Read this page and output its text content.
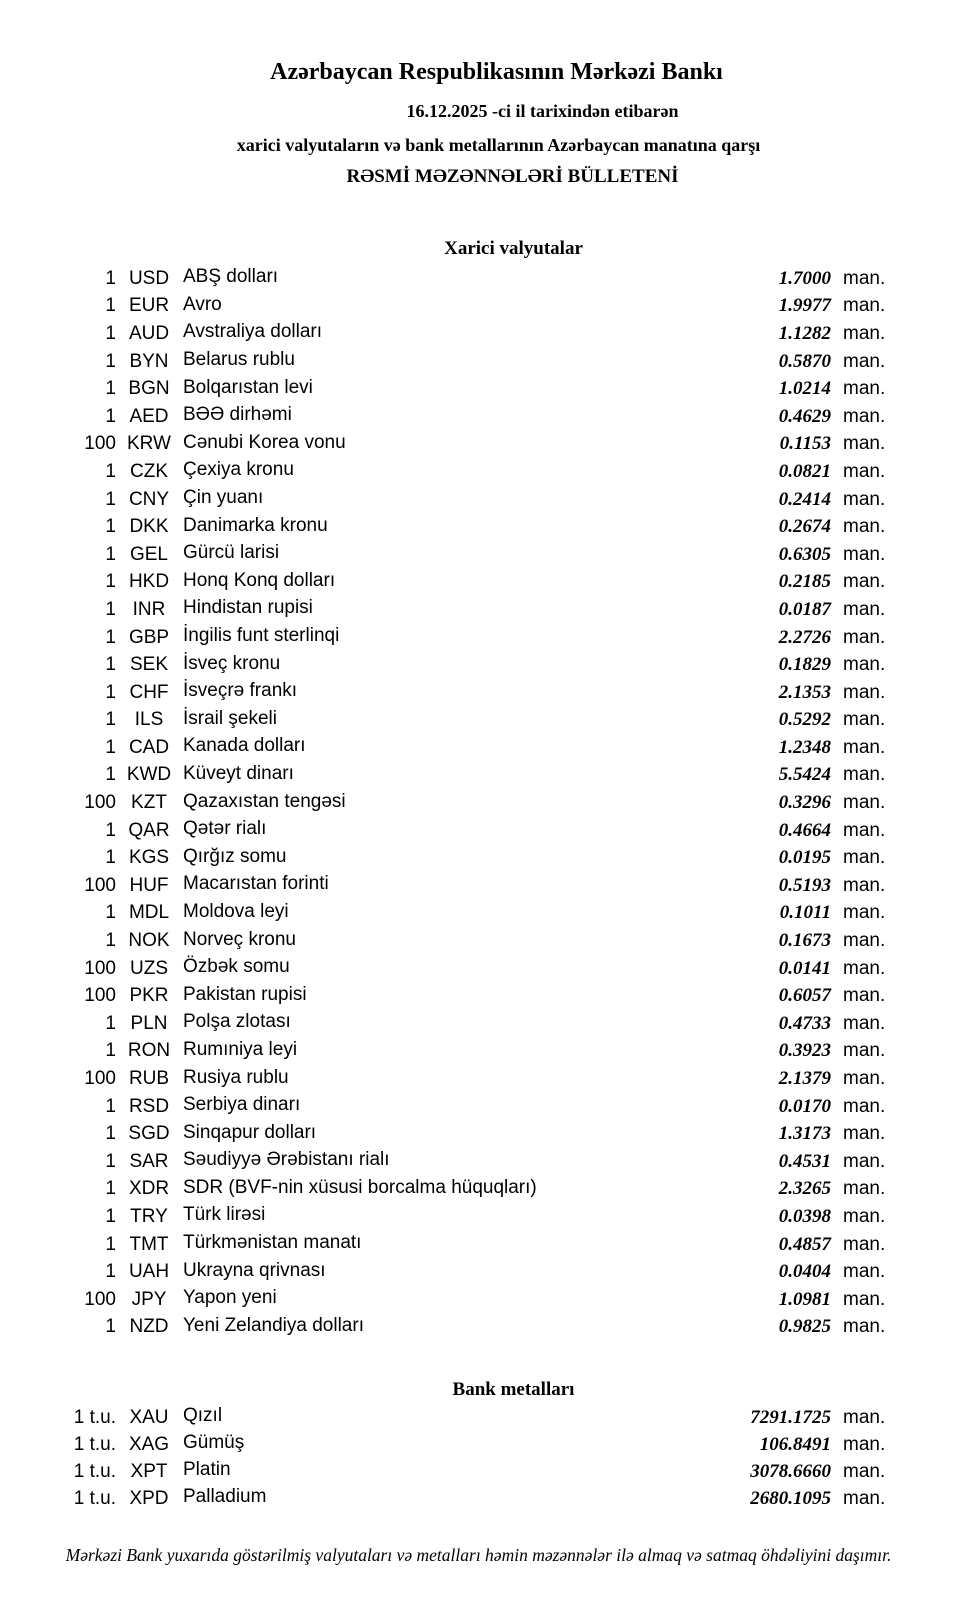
Azərbaycan Respublikasının Mərkəzi Bankı
16.12.2025 -ci il tarixindən etibarən
xarici valyutaların və bank metallarının Azərbaycan manatına qarşı
RƏSMİ MƏZƏNNƏLƏRİ BÜLLETENİ
Xarici valyutalar
1 USD ABŞ dolları	1.7000 man.
1 EUR Avro	1.9977 man.
1 AUD Avstraliya dolları	1.1282 man.
1 BYN Belarus rublu	0.5870 man.
1 BGN Bolqarıstan levi	1.0214 man.
1 AED BƏƏ dirhəmi	0.4629 man.
100 KRW Cənubi Korea vonu	0.1153 man.
1 CZK Çexiya kronu	0.0821 man.
1 CNY Çin yuanı	0.2414 man.
1 DKK Danimarka kronu	0.2674 man.
1 GEL Gürcü larisi	0.6305 man.
1 HKD Honq Konq dolları	0.2185 man.
1 INR Hindistan rupisi	0.0187 man.
1 GBP İngilis funt sterlinqi	2.2726 man.
1 SEK İsveç kronu	0.1829 man.
1 CHF İsveçrə frankı	2.1353 man.
1 ILS	İsrail şekeli	0.5292 man.
1 CAD Kanada dolları	1.2348 man.
1 KWD Küveyt dinarı	5.5424 man.
100 KZT Qazaxıstan tengəsi	0.3296 man.
1 QAR Qətər rialı	0.4664 man.
1 KGS Qırğız somu	0.0195 man.
100 HUF Macarıstan forinti	0.5193 man.
1 MDL Moldova leyi	0.1011 man.
1 NOK Norveç kronu	0.1673 man.
100 UZS Özbək somu	0.0141 man.
100 PKR Pakistan rupisi	0.6057 man.
1 PLN Polşa zlotası	0.4733 man.
1 RON Rumıniya leyi	0.3923 man.
100 RUB Rusiya rublu	2.1379 man.
1 RSD Serbiya dinarı	0.0170 man.
1 SGD Sinqapur dolları	1.3173 man.
1 SAR Səudiyyə Ərəbistanı rialı	0.4531 man.
1 XDR SDR (BVF-nin xüsusi borcalma hüquqları)	2.3265 man.
1 TRY Türk lirəsi	0.0398 man.
1 TMT Türkmənistan manatı	0.4857 man.
1 UAH Ukrayna qrivnası	0.0404 man.
100 JPY Yapon yeni	1.0981 man.
1 NZD Yeni Zelandiya dolları	0.9825 man.
Bank metalları
1 t.u. XAU Qızıl	7291.1725 man.
1 t.u. XAG Gümüş	106.8491 man.
1 t.u. XPT Platin	3078.6660 man.
1 t.u. XPD Palladium	2680.1095 man.
Mərkəzi Bank yuxarıda göstərilmiş valyutaları və metalları həmin məzənnələr ilə almaq və satmaq öhdəliyini daşımır.
